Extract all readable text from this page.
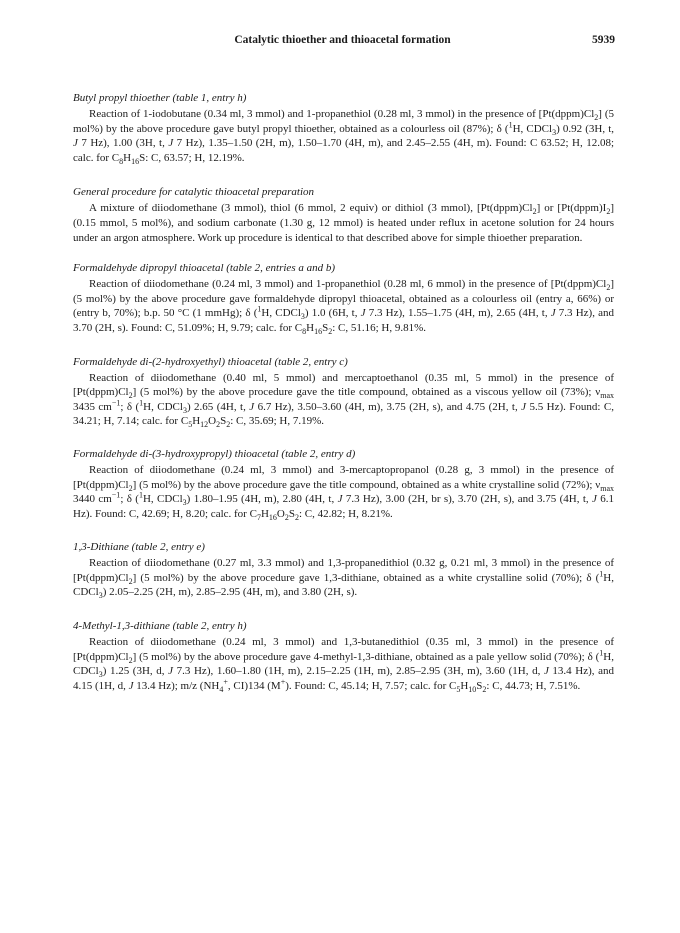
Catalytic thioether and thioacetal formation	5939

Butyl propyl thioether (table 1, entry h)

Reaction of 1-iodobutane (0.34 ml, 3 mmol) and 1-propanethiol (0.28 ml, 3 mmol) in the presence of $[Pt(dppm)Cl_2]$ (5 mol%) by the above procedure gave butyl propyl thioether, obtained as a colourless oil (87%); δ ($^1$H, CDCl$_3$) 0.92 (3H, t, J 7 Hz), 1.00 (3H, t, J 7 Hz), 1.35–1.50 (2H, m), 1.50–1.70 (4H, m), and 2.45–2.55 (4H, m). Found: C 63.52; H, 12.08; calc. for $C_8H_{16}S$: C, 63.57; H, 12.19%.

General procedure for catalytic thioacetal preparation

A mixture of diiodomethane (3 mmol), thiol (6 mmol, 2 equiv) or dithiol (3 mmol), $[Pt(dppm)Cl_2]$ or $[Pt(dppm)I_2]$ (0.15 mmol, 5 mol%), and sodium carbonate (1.30 g, 12 mmol) is heated under reflux in acetone solution for 24 hours under an argon atmosphere. Work up procedure is identical to that described above for simple thioether preparation.

Formaldehyde dipropyl thioacetal (table 2, entries a and b)

Reaction of diiodomethane (0.24 ml, 3 mmol) and 1-propanethiol (0.28 ml, 6 mmol) in the presence of $[Pt(dppm)Cl_2]$ (5 mol%) by the above procedure gave formaldehyde dipropyl thioacetal, obtained as a colourless oil (entry a, 66%) or (entry b, 70%); b.p. 50 °C (1 mmHg); δ ($^1$H, CDCl$_3$) 1.0 (6H, t, J 7.3 Hz), 1.55–1.75 (4H, m), 2.65 (4H, t, J 7.3 Hz), and 3.70 (2H, s). Found: C, 51.09%; H, 9.79; calc. for $C_8H_{16}S_2$: C, 51.16; H, 9.81%.

Formaldehyde di-(2-hydroxyethyl) thioacetal (table 2, entry c)

Reaction of diiodomethane (0.40 ml, 5 mmol) and mercaptoethanol (0.35 ml, 5 mmol) in the presence of $[Pt(dppm)Cl_2]$ (5 mol%) by the above procedure gave the title compound, obtained as a viscous yellow oil (73%); $\nu_{max}$ 3435 $cm^{-1}$; δ ($^1$H, CDCl$_3$) 2.65 (4H, t, J 6.7 Hz), 3.50–3.60 (4H, m), 3.75 (2H, s), and 4.75 (2H, t, J 5.5 Hz). Found: C, 34.21; H, 7.14; calc. for $C_5H_{12}O_2S_2$: C, 35.69; H, 7.19%.

Formaldehyde di-(3-hydroxypropyl) thioacetal (table 2, entry d)

Reaction of diiodomethane (0.24 ml, 3 mmol) and 3-mercaptopropanol (0.28 g, 3 mmol) in the presence of $[Pt(dppm)Cl_2]$ (5 mol%) by the above procedure gave the title compound, obtained as a white crystalline solid (72%); $\nu_{max}$ 3440 $cm^{-1}$; δ ($^1$H, CDCl$_3$) 1.80–1.95 (4H, m), 2.80 (4H, t, J 7.3 Hz), 3.00 (2H, br s), 3.70 (2H, s), and 3.75 (4H, t, J 6.1 Hz). Found: C, 42.69; H, 8.20; calc. for $C_7H_{16}O_2S_2$: C, 42.82; H, 8.21%.

1,3-Dithiane (table 2, entry e)

Reaction of diiodomethane (0.27 ml, 3.3 mmol) and 1,3-propanedithiol (0.32 g, 0.21 ml, 3 mmol) in the presence of $[Pt(dppm)Cl_2]$ (5 mol%) by the above procedure gave 1,3-dithiane, obtained as a white crystalline solid (70%); δ ($^1$H, CDCl$_3$) 2.05–2.25 (2H, m), 2.85–2.95 (4H, m), and 3.80 (2H, s).

4-Methyl-1,3-dithiane (table 2, entry h)

Reaction of diiodomethane (0.24 ml, 3 mmol) and 1,3-butanedithiol (0.35 ml, 3 mmol) in the presence of $[Pt(dppm)Cl_2]$ (5 mol%) by the above procedure gave 4-methyl-1,3-dithiane, obtained as a pale yellow solid (70%); δ ($^1$H, CDCl$_3$) 1.25 (3H, d, J 7.3 Hz), 1.60–1.80 (1H, m), 2.15–2.25 (1H, m), 2.85–2.95 (3H, m), 3.60 (1H, d, J 13.4 Hz), and 4.15 (1H, d, J 13.4 Hz); m/z ($NH_4^+$, CI)134 (M+). Found: C, 45.14; H, 7.57; calc. for $C_5H_{10}S_2$: C, 44.73; H, 7.51%.
